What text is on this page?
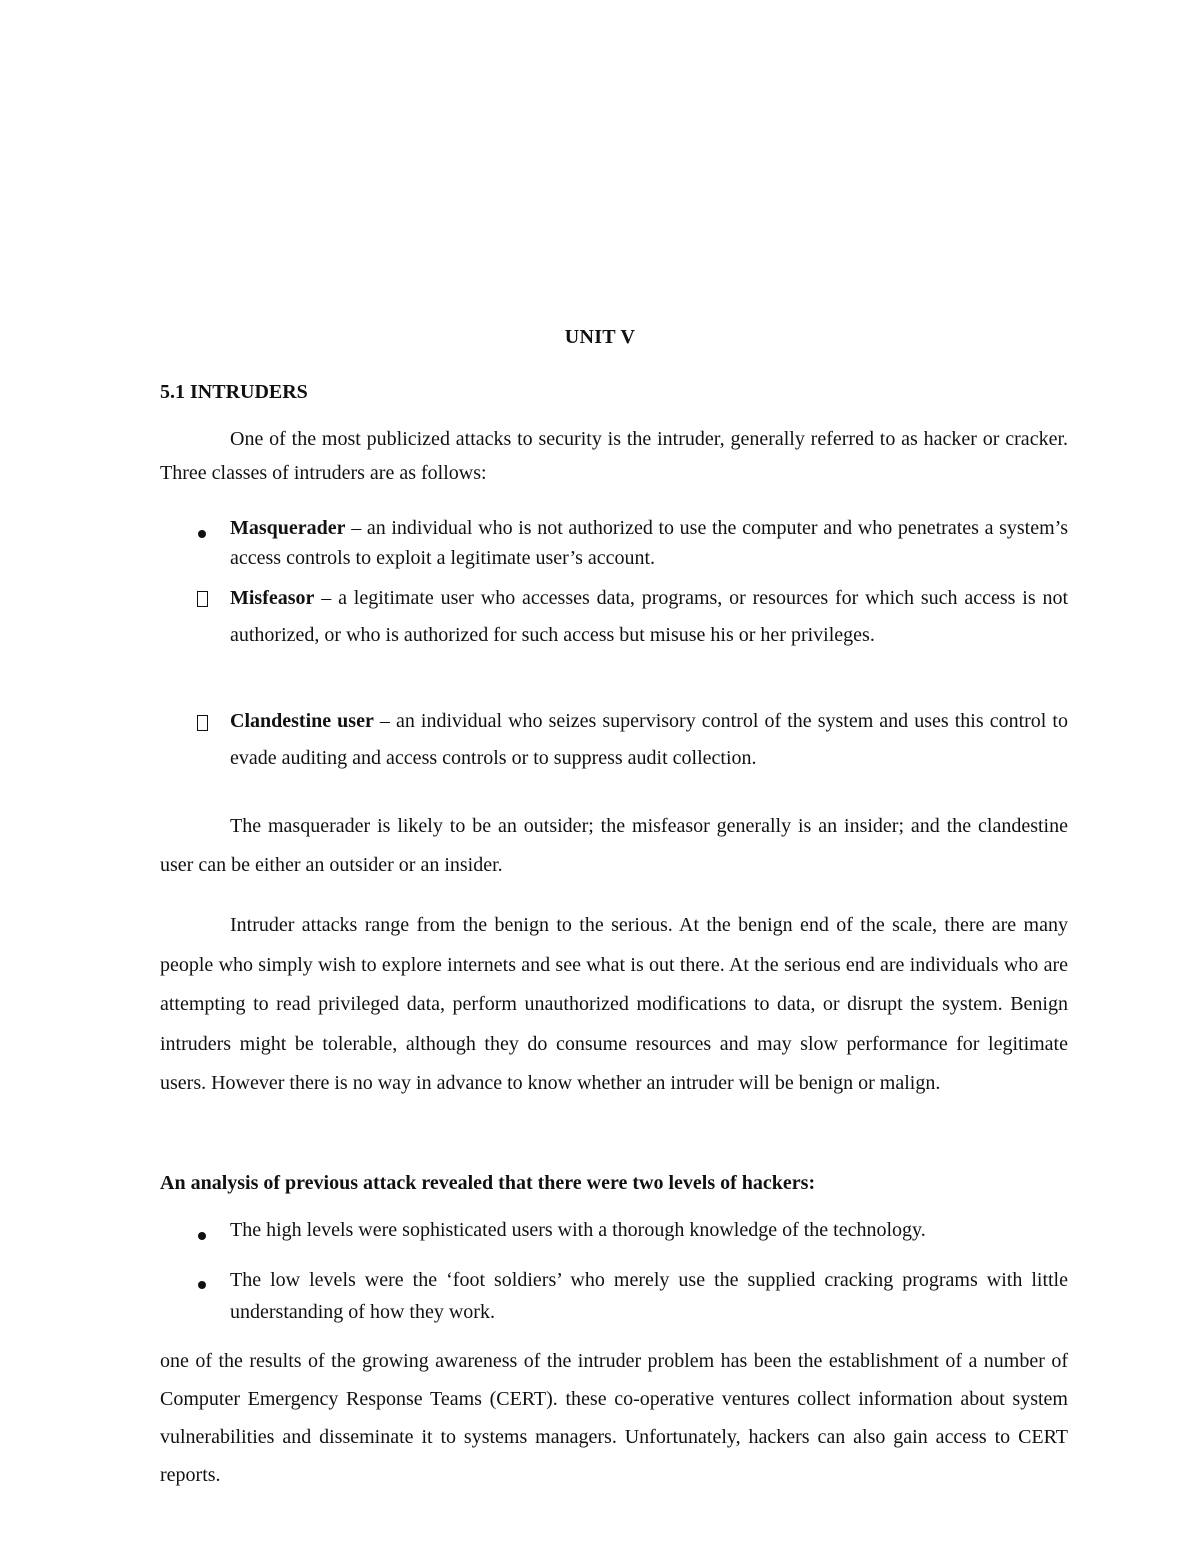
UNIT V
5.1 INTRUDERS

One of the most publicized attacks to security is the intruder, generally referred to as hacker or cracker. Three classes of intruders are as follows:

Masquerader – an individual who is not authorized to use the computer and who penetrates a system’s access controls to exploit a legitimate user’s account.

Misfeasor – a legitimate user who accesses data, programs, or resources for which such access is not authorized, or who is authorized for such access but misuse his or her privileges.

Clandestine user – an individual who seizes supervisory control of the system and uses this control to evade auditing and access controls or to suppress audit collection.

The masquerader is likely to be an outsider; the misfeasor generally is an insider; and the clandestine user can be either an outsider or an insider.

Intruder attacks range from the benign to the serious. At the benign end of the scale, there are many people who simply wish to explore internets and see what is out there. At the serious end are individuals who are attempting to read privileged data, perform unauthorized modifications to data, or disrupt the system. Benign intruders might be tolerable, although they do consume resources and may slow performance for legitimate users. However there is no way in advance to know whether an intruder will be benign or malign.

An analysis of previous attack revealed that there were two levels of hackers:

The high levels were sophisticated users with a thorough knowledge of the technology.

The low levels were the ‘foot soldiers’ who merely use the supplied cracking programs with little understanding of how they work.

one of the results of the growing awareness of the intruder problem has been the establishment of a number of Computer Emergency Response Teams (CERT). these co-operative ventures collect information about system vulnerabilities and disseminate it to systems managers. Unfortunately, hackers can also gain access to CERT reports.
